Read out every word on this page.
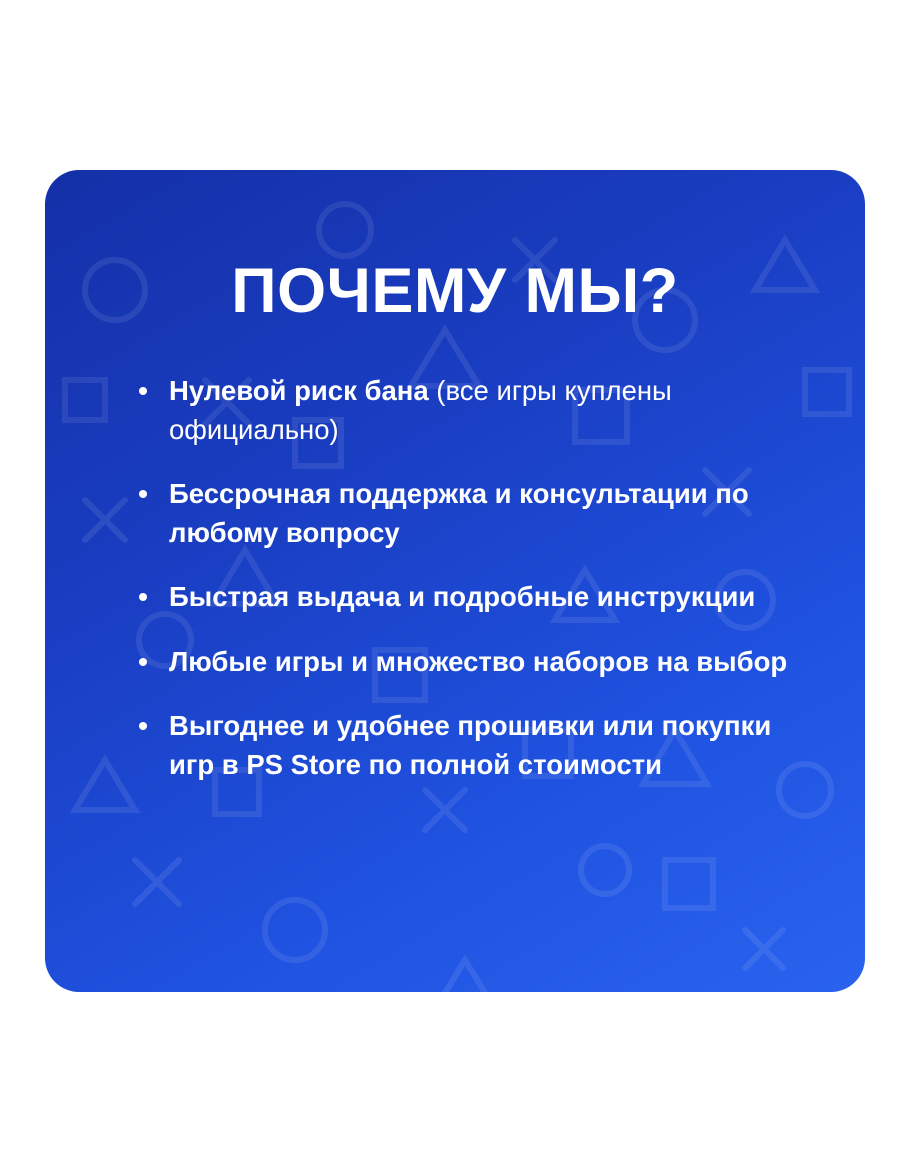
ПОЧЕМУ МЫ?
Нулевой риск бана (все игры куплены официально)
Бессрочная поддержка и консультации по любому вопросу
Быстрая выдача и подробные инструкции
Любые игры и множество наборов на выбор
Выгоднее и удобнее прошивки или покупки игр в PS Store по полной стоимости
